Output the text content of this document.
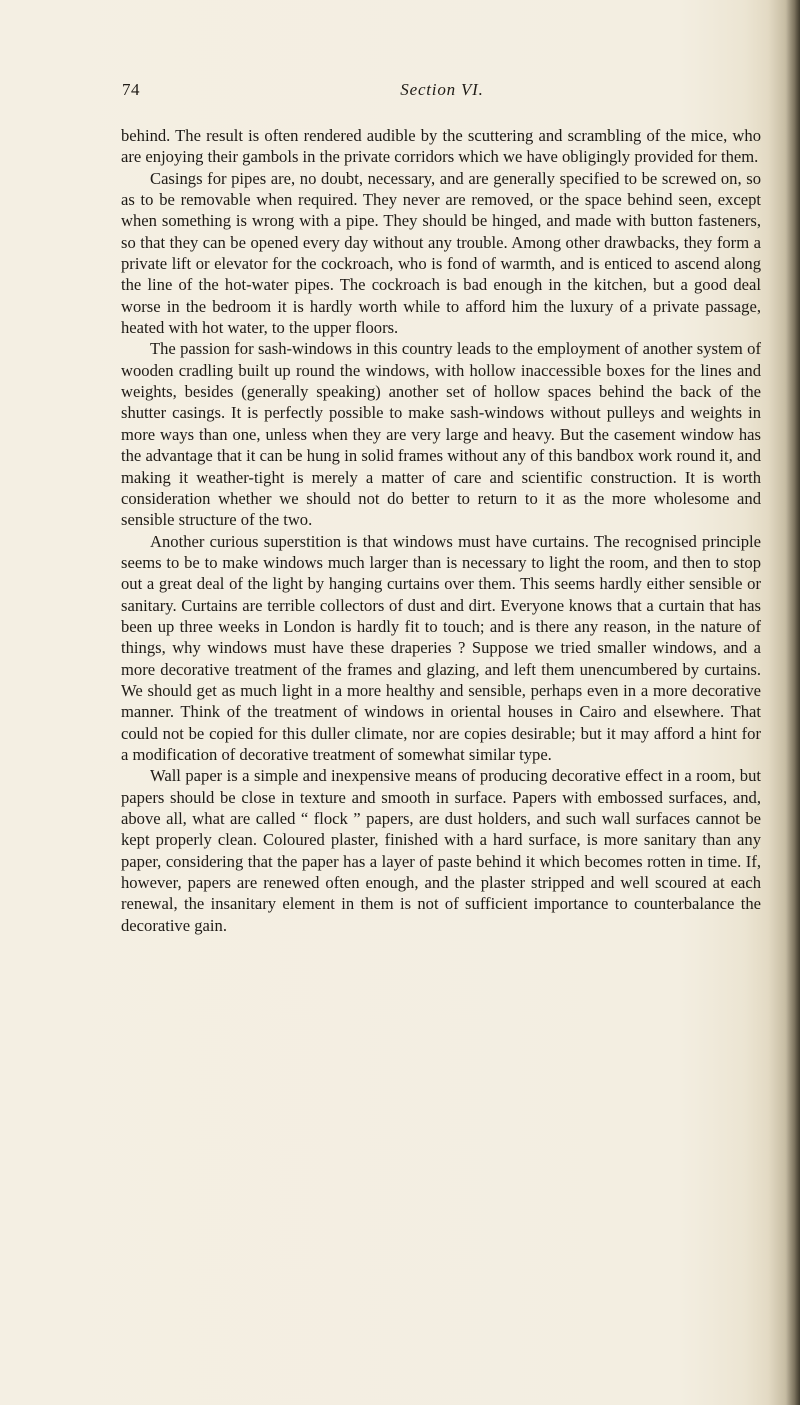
74	Section VI.

behind. The result is often rendered audible by the scuttering and scrambling of the mice, who are enjoying their gambols in the private corridors which we have obligingly provided for them.

Casings for pipes are, no doubt, necessary, and are generally specified to be screwed on, so as to be removable when required. They never are removed, or the space behind seen, except when something is wrong with a pipe. They should be hinged, and made with button fasteners, so that they can be opened every day without any trouble. Among other drawbacks, they form a private lift or elevator for the cockroach, who is fond of warmth, and is enticed to ascend along the line of the hot-water pipes. The cockroach is bad enough in the kitchen, but a good deal worse in the bedroom it is hardly worth while to afford him the luxury of a private passage, heated with hot water, to the upper floors.

The passion for sash-windows in this country leads to the employment of another system of wooden cradling built up round the windows, with hollow inaccessible boxes for the lines and weights, besides (generally speaking) another set of hollow spaces behind the back of the shutter casings. It is perfectly possible to make sash-windows without pulleys and weights in more ways than one, unless when they are very large and heavy. But the casement window has the advantage that it can be hung in solid frames without any of this bandbox work round it, and making it weather-tight is merely a matter of care and scientific construction. It is worth consideration whether we should not do better to return to it as the more wholesome and sensible structure of the two.

Another curious superstition is that windows must have curtains. The recognised principle seems to be to make windows much larger than is necessary to light the room, and then to stop out a great deal of the light by hanging curtains over them. This seems hardly either sensible or sanitary. Curtains are terrible collectors of dust and dirt. Everyone knows that a curtain that has been up three weeks in London is hardly fit to touch; and is there any reason, in the nature of things, why windows must have these draperies ? Suppose we tried smaller windows, and a more decorative treatment of the frames and glazing, and left them unencumbered by curtains. We should get as much light in a more healthy and sensible, perhaps even in a more decorative manner. Think of the treatment of windows in oriental houses in Cairo and elsewhere. That could not be copied for this duller climate, nor are copies desirable; but it may afford a hint for a modification of decorative treatment of somewhat similar type.

Wall paper is a simple and inexpensive means of producing decorative effect in a room, but papers should be close in texture and smooth in surface. Papers with embossed surfaces, and, above all, what are called “ flock ” papers, are dust holders, and such wall surfaces cannot be kept properly clean. Coloured plaster, finished with a hard surface, is more sanitary than any paper, considering that the paper has a layer of paste behind it which becomes rotten in time. If, however, papers are renewed often enough, and the plaster stripped and well scoured at each renewal, the insanitary element in them is not of sufficient importance to counterbalance the decorative gain.
